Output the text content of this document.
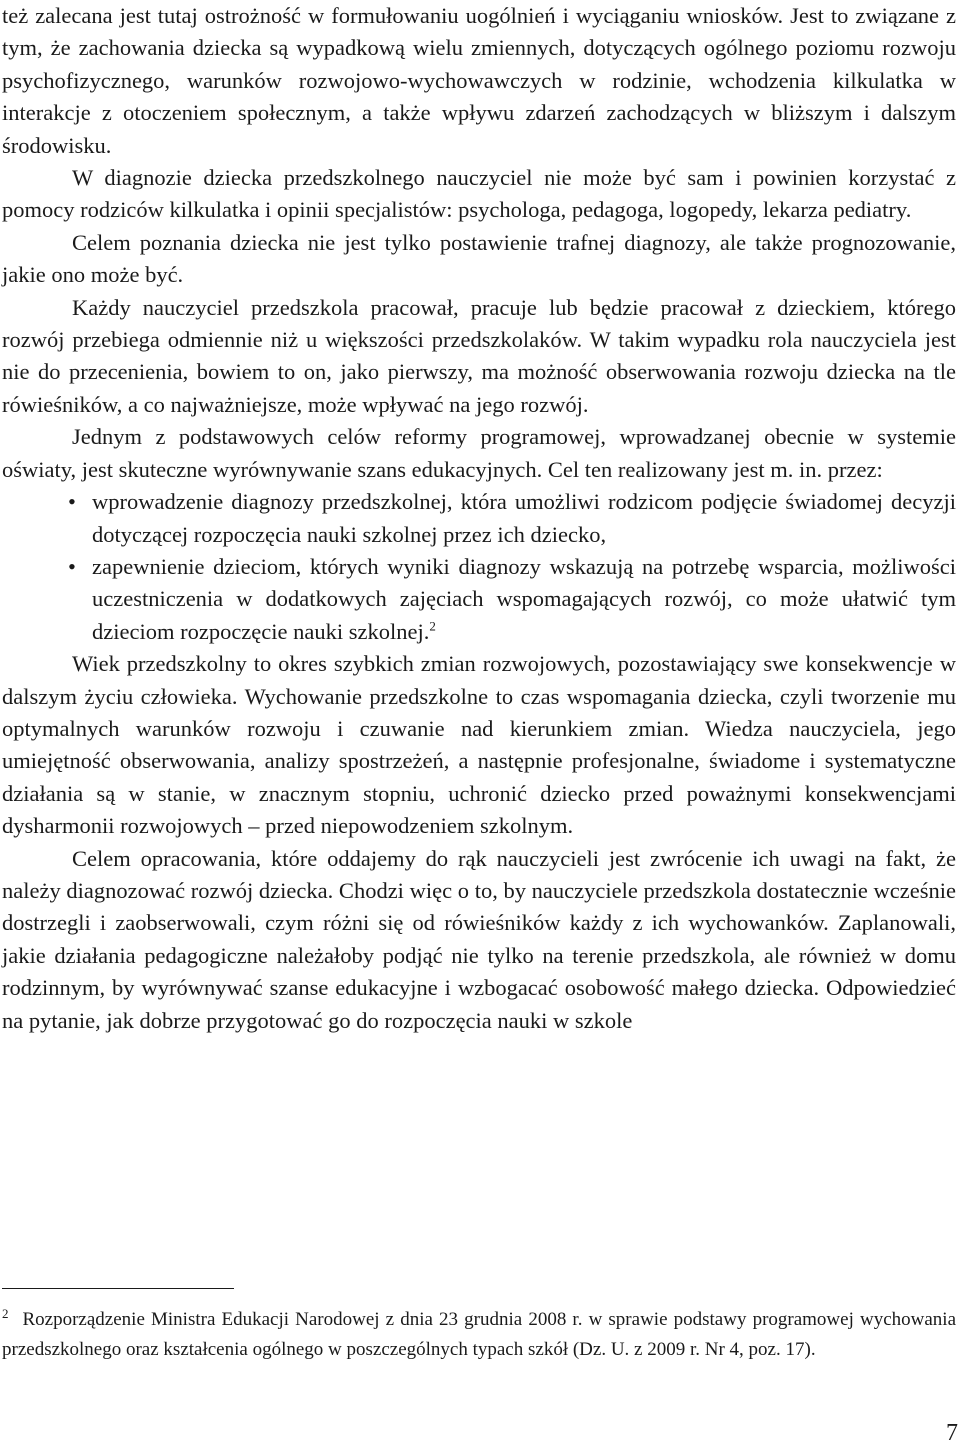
też zalecana jest tutaj ostrożność w formułowaniu uogólnień i wyciąganiu wniosków. Jest to związane z tym, że zachowania dziecka są wypadkową wielu zmiennych, dotyczących ogólnego poziomu rozwoju psychofizycznego, warunków rozwojowo-wychowawczych w rodzinie, wchodzenia kilkulatka w interakcje z otoczeniem społecznym, a także wpływu zdarzeń zachodzących w bliższym i dalszym środowisku.

W diagnozie dziecka przedszkolnego nauczyciel nie może być sam i powinien korzystać z pomocy rodziców kilkulatka i opinii specjalistów: psychologa, pedagoga, logopedy, lekarza pediatry.

Celem poznania dziecka nie jest tylko postawienie trafnej diagnozy, ale także prognozowanie, jakie ono może być.

Każdy nauczyciel przedszkola pracował, pracuje lub będzie pracował z dzieckiem, którego rozwój przebiega odmiennie niż u większości przedszkolaków. W takim wypadku rola nauczyciela jest nie do przecenienia, bowiem to on, jako pierwszy, ma możność obserwowania rozwoju dziecka na tle rówieśników, a co najważniejsze, może wpływać na jego rozwój.

Jednym z podstawowych celów reformy programowej, wprowadzanej obecnie w systemie oświaty, jest skuteczne wyrównywanie szans edukacyjnych. Cel ten realizowany jest m. in. przez:

• wprowadzenie diagnozy przedszkolnej, która umożliwi rodzicom podjęcie świadomej decyzji dotyczącej rozpoczęcia nauki szkolnej przez ich dziecko,
• zapewnienie dzieciom, których wyniki diagnozy wskazują na potrzebę wsparcia, możliwości uczestniczenia w dodatkowych zajęciach wspomagających rozwój, co może ułatwić tym dzieciom rozpoczęcie nauki szkolnej.$^2$

Wiek przedszkolny to okres szybkich zmian rozwojowych, pozostawiający swe konsekwencje w dalszym życiu człowieka. Wychowanie przedszkolne to czas wspomagania dziecka, czyli tworzenie mu optymalnych warunków rozwoju i czuwanie nad kierunkiem zmian. Wiedza nauczyciela, jego umiejętność obserwowania, analizy spostrzeżeń, a następnie profesjonalne, świadome i systematyczne działania są w stanie, w znacznym stopniu, uchronić dziecko przed poważnymi konsekwencjami dysharmonii rozwojowych – przed niepowodzeniem szkolnym.

Celem opracowania, które oddajemy do rąk nauczycieli jest zwrócenie ich uwagi na fakt, że należy diagnozować rozwój dziecka. Chodzi więc o to, by nauczyciele przedszkola dostatecznie wcześnie dostrzegli i zaobserwowali, czym różni się od rówieśników każdy z ich wychowanków. Zaplanowali, jakie działania pedagogiczne należałoby podjąć nie tylko na terenie przedszkola, ale również w domu rodzinnym, by wyrównywać szanse edukacyjne i wzbogacać osobowość małego dziecka. Odpowiedzieć na pytanie, jak dobrze przygotować go do rozpoczęcia nauki w szkole

$^2$ Rozporządzenie Ministra Edukacji Narodowej z dnia 23 grudnia 2008 r. w sprawie podstawy programowej wychowania przedszkolnego oraz kształcenia ogólnego w poszczególnych typach szkół (Dz. U. z 2009 r. Nr 4, poz. 17).
7
